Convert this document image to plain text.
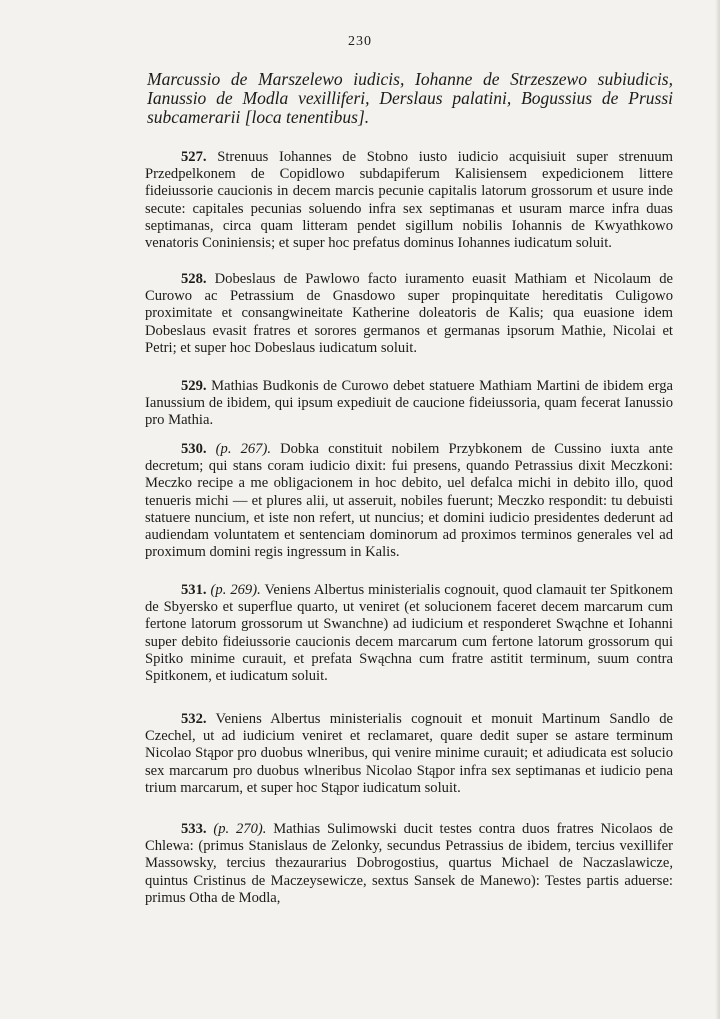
230
Marcussio de Marszelewo iudicis, Iohanne de Strzeszewo subiudicis, Ianussio de Modla vexilliferi, Derslaus palatini, Bogussius de Prussi subcamerarii [loca tenentibus].

527. Strenuus Iohannes de Stobno iusto iudicio acquisiuit super strenuum Przedpelkonem de Copidlowo subdapiferum Kalisiensem expedicionem littere fideiussorie caucionis in decem marcis pecunie capitalis latorum grossorum et usure inde secute: capitales pecunias soluendo infra sex septimanas et usuram marce infra duas septimanas, circa quam litteram pendet sigillum nobilis Iohannis de Kwyathkowo venatoris Coniniensis; et super hoc prefatus dominus Iohannes iudicatum soluit.

528. Dobeslaus de Pawlowo facto iuramento euasit Mathiam et Nicolaum de Curowo ac Petrassium de Gnasdowo super propinquitate hereditatis Culigowo proximitate et consangwineitate Katherine doleatoris de Kalis; qua euasione idem Dobeslaus evasit fratres et sorores germanos et germanas ipsorum Mathie, Nicolai et Petri; et super hoc Dobeslaus iudicatum soluit.

529. Mathias Budkonis de Curowo debet statuere Mathiam Martini de ibidem erga Ianussium de ibidem, qui ipsum expediuit de caucione fideiussoria, quam fecerat Ianussio pro Mathia.

530. (p. 267). Dobka constituit nobilem Przybkonem de Cussino iuxta ante decretum; qui stans coram iudicio dixit: fui presens, quando Petrassius dixit Meczkoni: Meczko recipe a me obligacionem in hoc debito, uel defalca michi in debito illo, quod tenueris michi — et plures alii, ut asseruit, nobiles fuerunt; Meczko respondit: tu debuisti statuere nuncium, et iste non refert, ut nuncius; et domini iudicio presidentes dederunt ad audiendam voluntatem et sentenciam dominorum ad proximos terminos generales vel ad proximum domini regis ingressum in Kalis.

531. (p. 269). Veniens Albertus ministerialis cognouit, quod clamauit ter Spitkonem de Sbyersko et superflue quarto, ut veniret (et solucionem faceret decem marcarum cum fertone latorum grossorum ut Swanchne) ad iudicium et responderet Swąchne et Iohanni super debito fideiussorie caucionis decem marcarum cum fertone latorum grossorum qui Spitko minime curauit, et prefata Swąchna cum fratre astitit terminum, suum contra Spitkonem, et iudicatum soluit.

532. Veniens Albertus ministerialis cognouit et monuit Martinum Sandlo de Czechel, ut ad iudicium veniret et reclamaret, quare dedit super se astare terminum Nicolao Stąpor pro duobus wlneribus, qui venire minime curauit; et adiudicata est solucio sex marcarum pro duobus wlneribus Nicolao Stąpor infra sex septimanas et iudicio pena trium marcarum, et super hoc Stąpor iudicatum soluit.

533. (p. 270). Mathias Sulimowski ducit testes contra duos fratres Nicolaos de Chlewa: (primus Stanislaus de Zelonky, secundus Petrassius de ibidem, tercius vexillifer Massowsky, tercius thezaurarius Dobrogostius, quartus Michael de Naczaslawicze, quintus Cristinus de Maczeysewicze, sextus Sansek de Manewo): Testes partis aduerse: primus Otha de Modla,
